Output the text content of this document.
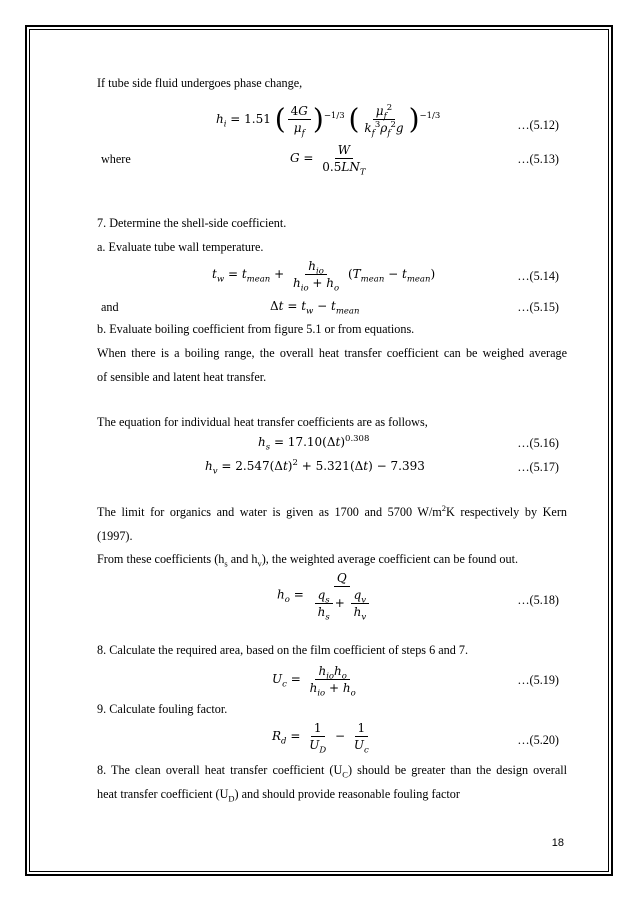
If tube side fluid undergoes phase change,
$h_i = 1.51$ ( $\frac{4G}{\mu_f} )^{-1/3}$ ( $\frac{\mu_f^2}{k_f^3\rho_f^2g} )^{-1/3}$
…(5.12)
where	$G = \frac{W}{0.5LN_T}$	…(5.13)
7. Determine the shell-side coefficient.
a. Evaluate tube wall temperature.
$t_w = t_{mean} + \frac{h_{io}}{h_{io} + h_o} (T_{mean} - t_{mean})$	…(5.14)
and	$\Delta t = t_w - t_{mean}$	…(5.15)
b. Evaluate boiling coefficient from figure 5.1 or from equations.
When there is a boiling range, the overall heat transfer coefficient can be weighed average
of sensible and latent heat transfer.
The equation for individual heat transfer coefficients are as follows,
$h_s = 17.10(\Delta t)^{0.308}$	…(5.16)
$h_v = 2.547(\Delta t)^2 + 5.321(\Delta t) - 7.393$	…(5.17)
The limit for organics and water is given as 1700 and 5700 $W/m^2K$ respectively by Kern
(1997).
From these coefficients ($h_s$ and $h_v$), the weighted average coefficient can be found out.
$h_o = \frac{Q}{\frac{q_s}{h_s} + \frac{q_v}{h_v}}$	…(5.18)
8. Calculate the required area, based on the film coefficient of steps 6 and 7.
$U_c = \frac{h_{io}h_o}{h_{io} + h_o}$	…(5.19)
9. Calculate fouling factor.
$R_d = \frac{1}{U_D} - \frac{1}{U_c}$	…(5.20)
8. The clean overall heat transfer coefficient $(U_C)$ should be greater than the design overall
heat transfer coefficient $(U_D)$ and should provide reasonable fouling factor
18
